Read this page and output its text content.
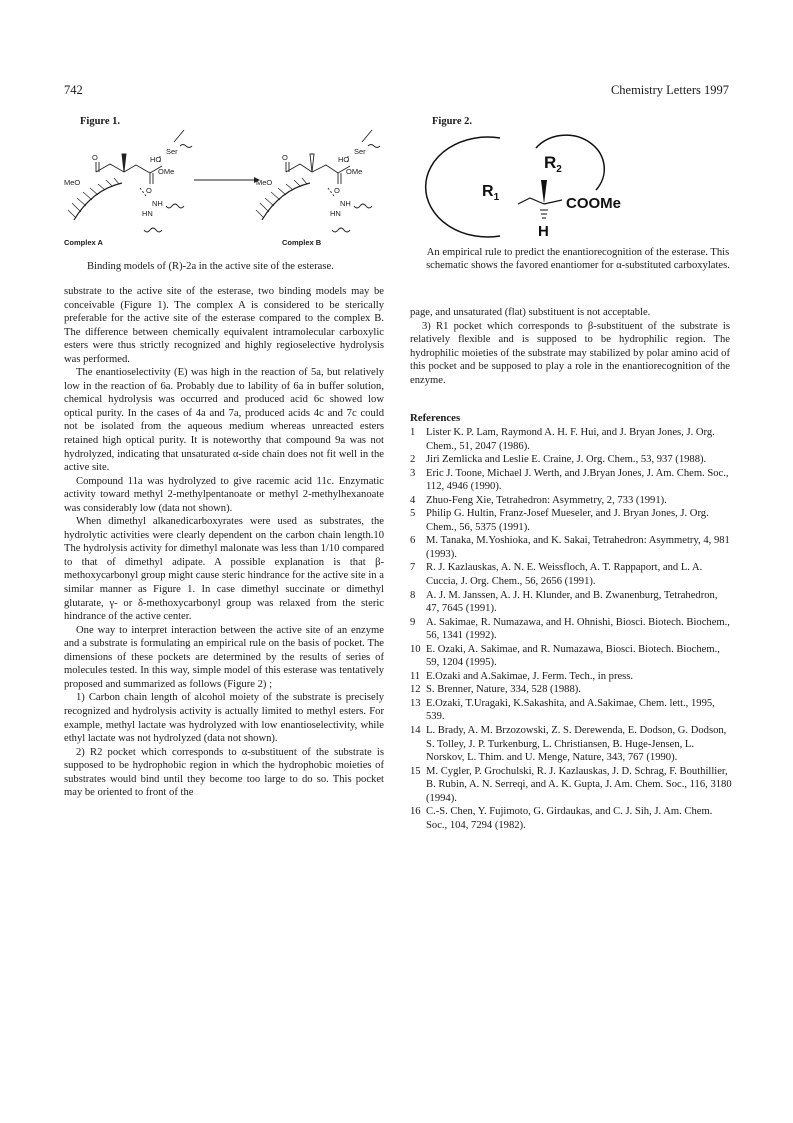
742	Chemistry Letters 1997
Figure 1.
O	HO
Ser
OMe
MeO
O
NH
HN
O	HO
Ser
OMe
MeO
O
NH
HN
Complex A	Complex B
Binding models of (R)-2a in the active site of the esterase.

substrate to the active site of the esterase, two binding models may be conceivable (Figure 1). The complex A is considered to be sterically preferable for the active site of the esterase compared to the complex B. The difference between chemically equivalent intramolecular carboxylic esters were thus strictly recognized and highly regioselective hydrolysis was performed.

The enantioselectivity (E) was high in the reaction of 5a, but relatively low in the reaction of 6a. Probably due to lability of 6a in buffer solution, chemical hydrolysis was occurred and produced acid 6c showed low optical purity. In the cases of 4a and 7a, produced acids 4c and 7c could not be isolated from the aqueous medium whereas unreacted esters retained high optical purity. It is noteworthy that compound 9a was not hydrolyzed, indicating that unsaturated α-side chain does not fit well in the active site.

Compound 11a was hydrolyzed to give racemic acid 11c. Enzymatic activity toward methyl 2-methylpentanoate or methyl 2-methylhexanoate was considerably low (data not shown).

When dimethyl alkanedicarboxyrates were used as substrates, the hydrolytic activities were clearly dependent on the carbon chain length.10 The hydrolysis activity for dimethyl malonate was less than 1/10 compared to that of dimethyl adipate. A possible explanation is that β-methoxycarbonyl group might cause steric hindrance for the active site in a similar manner as Figure 1. In case dimethyl succinate or dimethyl glutarate, γ- or δ-methoxycarbonyl group was relaxed from the steric hindrance of the active center.

One way to interpret interaction between the active site of an enzyme and a substrate is formulating an empirical rule on the basis of pocket. The dimensions of these pockets are determined by the results of series of molecules tested. In this way, simple model of this esterase was tentatively proposed and summarized as follows (Figure 2) ;

1) Carbon chain length of alcohol moiety of the substrate is precisely recognized and hydrolysis activity is actually limited to methyl esters. For example, methyl lactate was hydrolyzed with low enantioselectivity, while ethyl lactate was not hydrolyzed (data not shown).

2) R2 pocket which corresponds to α-substituent of the substrate is supposed to be hydrophobic region in which the hydrophobic moieties of substrates would bind until they become too large to do so. This pocket may be oriented to front of the

Figure 2.
$R_1$
$R_2$
COOMe
H
An empirical rule to predict the enantiorecognition of the esterase. This schematic shows the favored enantiomer for α-substituted carboxylates.

page, and unsaturated (flat) substituent is not acceptable.

3) R1 pocket which corresponds to β-substituent of the substrate is relatively flexible and is supposed to be hydrophilic region. The hydrophilic moieties of the substrate may stabilized by polar amino acid of this pocket and be supposed to play a role in the enantiorecognition of the enzyme.

References
1	Lister K. P. Lam, Raymond A. H. F. Hui, and J. Bryan Jones, J. Org. Chem., 51, 2047 (1986).
2	Jiri Zemlicka and Leslie E. Craine, J. Org. Chem., 53, 937 (1988).
3	Eric J. Toone, Michael J. Werth, and J.Bryan Jones, J. Am. Chem. Soc., 112, 4946 (1990).
4	Zhuo-Feng Xie, Tetrahedron: Asymmetry, 2, 733 (1991).
5	Philip G. Hultin, Franz-Josef Mueseler, and J. Bryan Jones, J. Org. Chem., 56, 5375 (1991).
6	M. Tanaka, M.Yoshioka, and K. Sakai, Tetrahedron: Asymmetry, 4, 981 (1993).
7	R. J. Kazlauskas, A. N. E. Weissfloch, A. T. Rappaport, and L. A. Cuccia, J. Org. Chem., 56, 2656 (1991).
8	A. J. M. Janssen, A. J. H. Klunder, and B. Zwanenburg, Tetrahedron, 47, 7645 (1991).
9	A. Sakimae, R. Numazawa, and H. Ohnishi, Biosci. Biotech. Biochem., 56, 1341 (1992).
10 E. Ozaki, A. Sakimae, and R. Numazawa, Biosci. Biotech. Biochem., 59, 1204 (1995).
11 E.Ozaki and A.Sakimae, J. Ferm. Tech., in press.
12 S. Brenner, Nature, 334, 528 (1988).
13 E.Ozaki, T.Uragaki, K.Sakashita, and A.Sakimae, Chem. lett., 1995, 539.
14 L. Brady, A. M. Brzozowski, Z. S. Derewenda, E. Dodson, G. Dodson, S. Tolley, J. P. Turkenburg, L. Christiansen, B. Huge-Jensen, L. Norskov, L. Thim. and U. Menge, Nature, 343, 767 (1990).
15 M. Cygler, P. Grochulski, R. J. Kazlauskas, J. D. Schrag, F. Bouthillier, B. Rubin, A. N. Serreqi, and A. K. Gupta, J. Am. Chem. Soc., 116, 3180 (1994).
16 C.-S. Chen, Y. Fujimoto, G. Girdaukas, and C. J. Sih, J. Am. Chem. Soc., 104, 7294 (1982).
